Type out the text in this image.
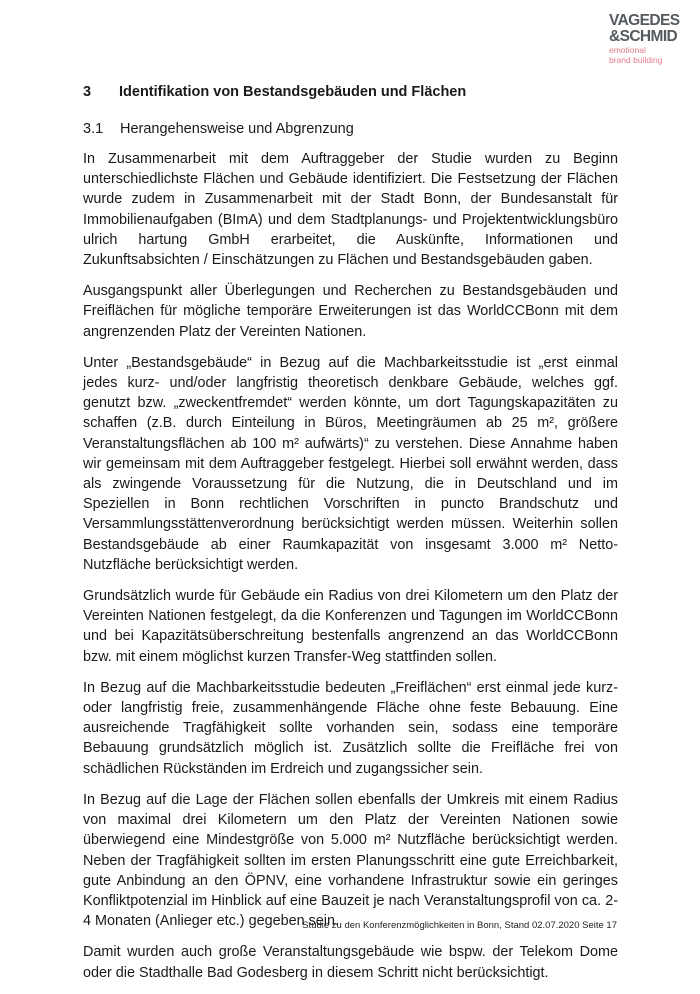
VAGEDES
&SCHMID
emotional
brand building
3 Identifikation von Bestandsgebäuden und Flächen
3.1 Herangehensweise und Abgrenzung

In Zusammenarbeit mit dem Auftraggeber der Studie wurden zu Beginn unterschiedlichste Flächen und Gebäude identifiziert. Die Festsetzung der Flächen wurde zudem in Zusammenarbeit mit der Stadt Bonn, der Bundesanstalt für Immobilienaufgaben (BImA) und dem Stadtplanungs- und Projektentwicklungsbüro ulrich hartung GmbH erarbeitet, die Auskünfte, Informationen und Zukunftsabsichten / Einschätzungen zu Flächen und Bestandsgebäuden gaben.

Ausgangspunkt aller Überlegungen und Recherchen zu Bestandsgebäuden und Freiflächen für mögliche temporäre Erweiterungen ist das WorldCCBonn mit dem angrenzenden Platz der Vereinten Nationen.

Unter „Bestandsgebäude“ in Bezug auf die Machbarkeitsstudie ist „erst einmal jedes kurz- und/oder langfristig theoretisch denkbare Gebäude, welches ggf. genutzt bzw. „zweckentfremdet“ werden könnte, um dort Tagungskapazitäten zu schaffen (z.B. durch Einteilung in Büros, Meetingräumen ab 25 m², größere Veranstaltungsflächen ab 100 m² aufwärts)“ zu verstehen. Diese Annahme haben wir gemeinsam mit dem Auftraggeber festgelegt. Hierbei soll erwähnt werden, dass als zwingende Voraussetzung für die Nutzung, die in Deutschland und im Speziellen in Bonn rechtlichen Vorschriften in puncto Brandschutz und Versammlungsstättenverordnung berücksichtigt werden müssen. Weiterhin sollen Bestandsgebäude ab einer Raumkapazität von insgesamt 3.000 m² Netto-Nutzfläche berücksichtigt werden.

Grundsätzlich wurde für Gebäude ein Radius von drei Kilometern um den Platz der Vereinten Nationen festgelegt, da die Konferenzen und Tagungen im WorldCCBonn und bei Kapazitätsüberschreitung bestenfalls angrenzend an das WorldCCBonn bzw. mit einem möglichst kurzen Transfer-Weg stattfinden sollen.

In Bezug auf die Machbarkeitsstudie bedeuten „Freiflächen“ erst einmal jede kurz- oder langfristig freie, zusammenhängende Fläche ohne feste Bebauung. Eine ausreichende Tragfähigkeit sollte vorhanden sein, sodass eine temporäre Bebauung grundsätzlich möglich ist. Zusätzlich sollte die Freifläche frei von schädlichen Rückständen im Erdreich und zugangssicher sein.

In Bezug auf die Lage der Flächen sollen ebenfalls der Umkreis mit einem Radius von maximal drei Kilometern um den Platz der Vereinten Nationen sowie überwiegend eine Mindestgröße von 5.000 m² Nutzfläche berücksichtigt werden. Neben der Tragfähigkeit sollten im ersten Planungsschritt eine gute Erreichbarkeit, gute Anbindung an den ÖPNV, eine vorhandene Infrastruktur sowie ein geringes Konfliktpotenzial im Hinblick auf eine Bauzeit je nach Veranstaltungsprofil von ca. 2-4 Monaten (Anlieger etc.) gegeben sein.

Damit wurden auch große Veranstaltungsgebäude wie bspw. der Telekom Dome oder die Stadthalle Bad Godesberg in diesem Schritt nicht berücksichtigt.

Studie zu den Konferenzmöglichkeiten in Bonn, Stand 02.07.2020 Seite 17
